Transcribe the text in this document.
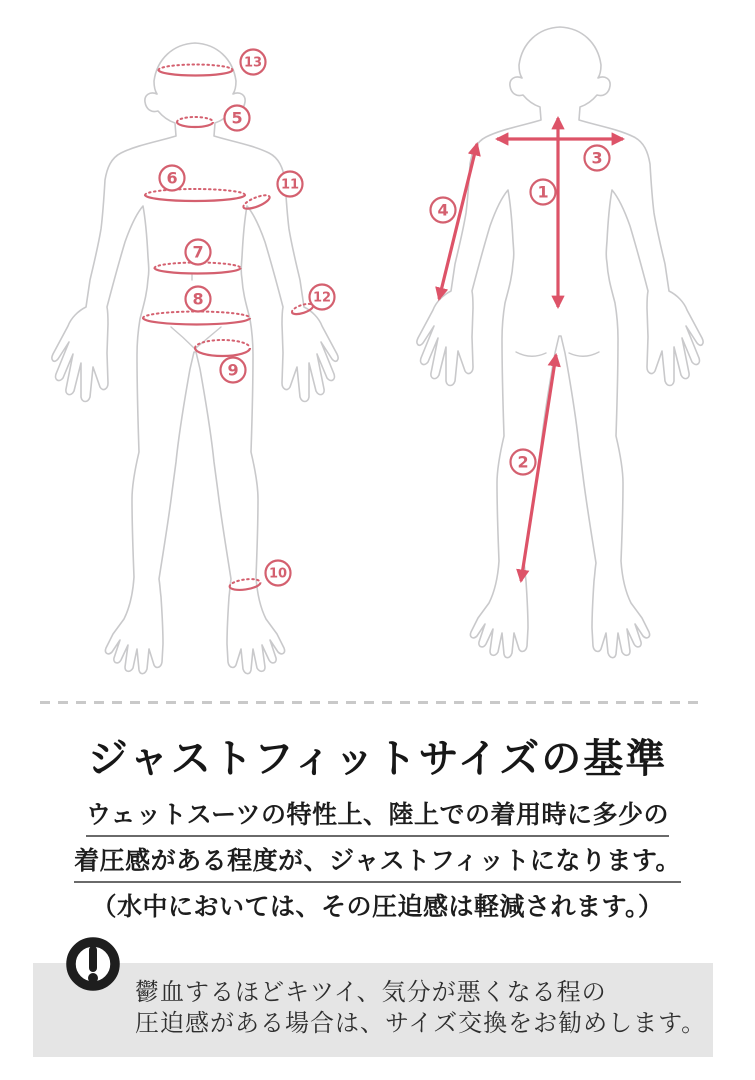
13
5
6	11
7
8	12
9
10
1
2
3
4
ジャストフィットサイズの基準
ウェットスーツの特性上、陸上での着用時に多少の
着圧感がある程度が、ジャストフィットになります。
（水中においては、その圧迫感は軽減されます。）
鬱血するほどキツイ、気分が悪くなる程の
圧迫感がある場合は、サイズ交換をお勧めします。
